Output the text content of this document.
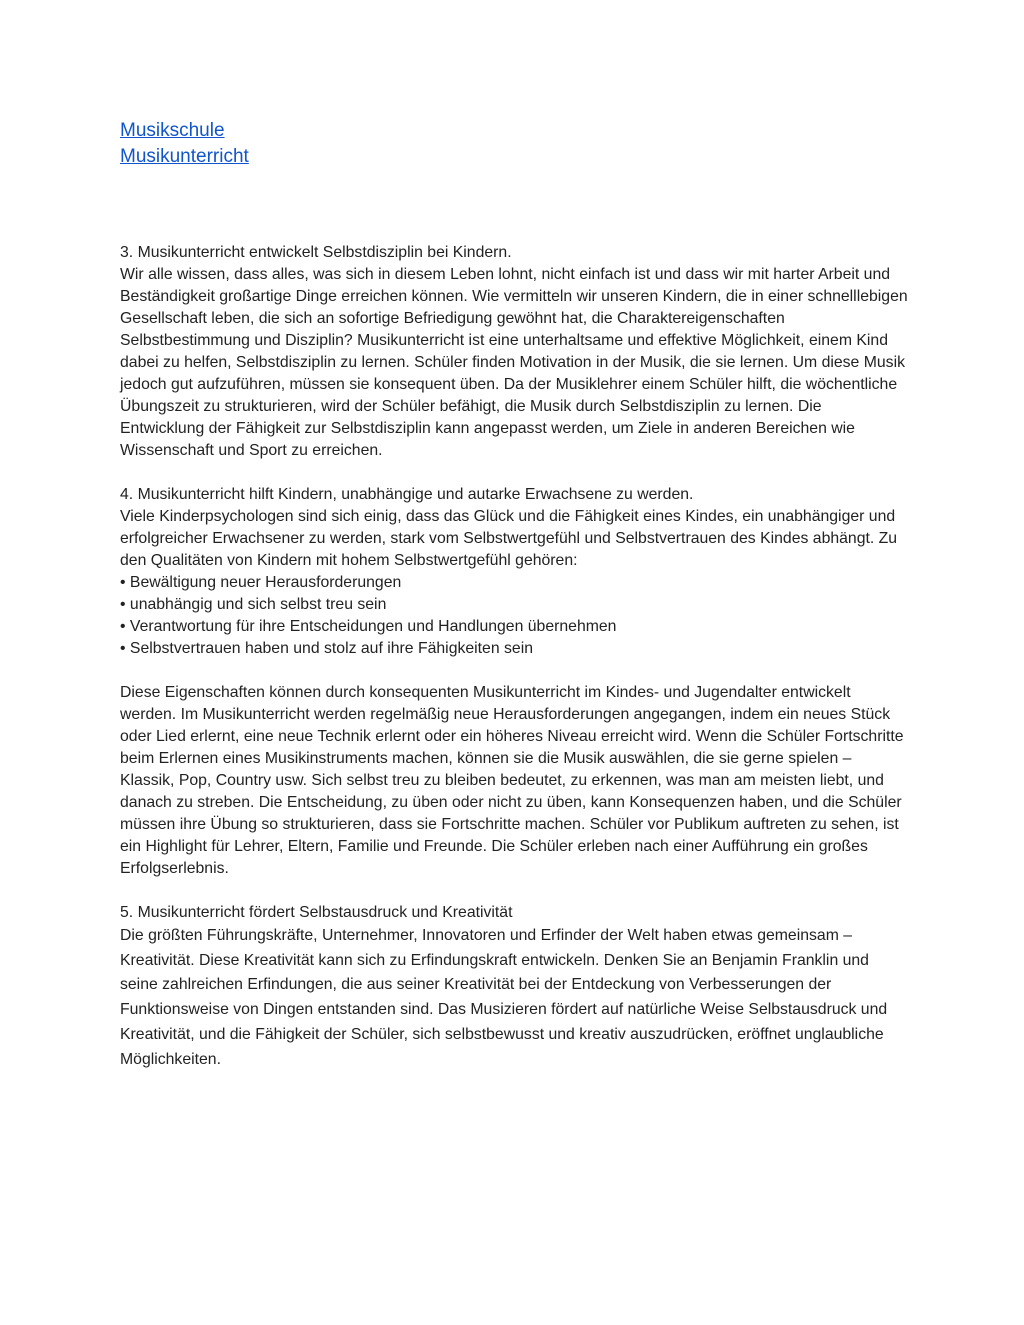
Musikschule
Musikunterricht

3. Musikunterricht entwickelt Selbstdisziplin bei Kindern.

Wir alle wissen, dass alles, was sich in diesem Leben lohnt, nicht einfach ist und dass wir mit harter Arbeit und Beständigkeit großartige Dinge erreichen können. Wie vermitteln wir unseren Kindern, die in einer schnelllebigen Gesellschaft leben, die sich an sofortige Befriedigung gewöhnt hat, die Charaktereigenschaften Selbstbestimmung und Disziplin? Musikunterricht ist eine unterhaltsame und effektive Möglichkeit, einem Kind dabei zu helfen, Selbstdisziplin zu lernen. Schüler finden Motivation in der Musik, die sie lernen. Um diese Musik jedoch gut aufzuführen, müssen sie konsequent üben. Da der Musiklehrer einem Schüler hilft, die wöchentliche Übungszeit zu strukturieren, wird der Schüler befähigt, die Musik durch Selbstdisziplin zu lernen. Die Entwicklung der Fähigkeit zur Selbstdisziplin kann angepasst werden, um Ziele in anderen Bereichen wie Wissenschaft und Sport zu erreichen.

4. Musikunterricht hilft Kindern, unabhängige und autarke Erwachsene zu werden.

Viele Kinderpsychologen sind sich einig, dass das Glück und die Fähigkeit eines Kindes, ein unabhängiger und erfolgreicher Erwachsener zu werden, stark vom Selbstwertgefühl und Selbstvertrauen des Kindes abhängt. Zu den Qualitäten von Kindern mit hohem Selbstwertgefühl gehören:

• Bewältigung neuer Herausforderungen

• unabhängig und sich selbst treu sein

• Verantwortung für ihre Entscheidungen und Handlungen übernehmen

• Selbstvertrauen haben und stolz auf ihre Fähigkeiten sein

Diese Eigenschaften können durch konsequenten Musikunterricht im Kindes- und Jugendalter entwickelt werden. Im Musikunterricht werden regelmäßig neue Herausforderungen angegangen, indem ein neues Stück oder Lied erlernt, eine neue Technik erlernt oder ein höheres Niveau erreicht wird. Wenn die Schüler Fortschritte beim Erlernen eines Musikinstruments machen, können sie die Musik auswählen, die sie gerne spielen – Klassik, Pop, Country usw. Sich selbst treu zu bleiben bedeutet, zu erkennen, was man am meisten liebt, und danach zu streben. Die Entscheidung, zu üben oder nicht zu üben, kann Konsequenzen haben, und die Schüler müssen ihre Übung so strukturieren, dass sie Fortschritte machen. Schüler vor Publikum auftreten zu sehen, ist ein Highlight für Lehrer, Eltern, Familie und Freunde. Die Schüler erleben nach einer Aufführung ein großes Erfolgserlebnis.

5. Musikunterricht fördert Selbstausdruck und Kreativität

Die größten Führungskräfte, Unternehmer, Innovatoren und Erfinder der Welt haben etwas gemeinsam – Kreativität. Diese Kreativität kann sich zu Erfindungskraft entwickeln. Denken Sie an Benjamin Franklin und seine zahlreichen Erfindungen, die aus seiner Kreativität bei der Entdeckung von Verbesserungen der Funktionsweise von Dingen entstanden sind. Das Musizieren fördert auf natürliche Weise Selbstausdruck und Kreativität, und die Fähigkeit der Schüler, sich selbstbewusst und kreativ auszudrücken, eröffnet unglaubliche Möglichkeiten.
